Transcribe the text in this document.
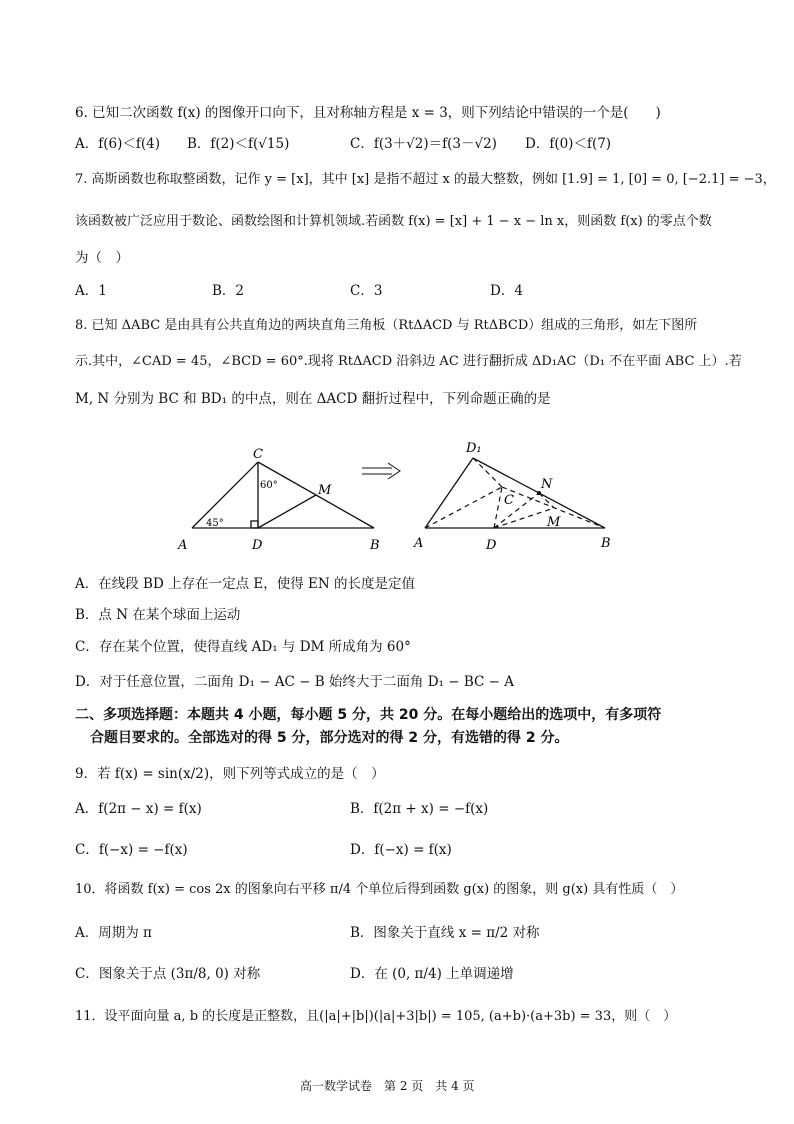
6. 已知二次函数 f(x) 的图像开口向下，且对称轴方程是 x = 3，则下列结论中错误的一个是(　　)
A．f(6)＜f(4) B．f(2)＜f(√15)	C．f(3＋√2)＝f(3－√2) D．f(0)＜f(7)
7. 高斯函数也称取整函数，记作 y = [x]，其中 [x] 是指不超过 x 的最大整数，例如 [1.9] = 1, [0] = 0, [−2.1] = −3，
该函数被广泛应用于数论、函数绘图和计算机领域.若函数 f(x) = [x] + 1 − x − ln x，则函数 f(x) 的零点个数
为（　）
A．1	B．2	C．3	D．4
8. 已知 ΔABC 是由具有公共直角边的两块直角三角板（RtΔACD 与 RtΔBCD）组成的三角形，如左下图所
示.其中，∠CAD = 45，∠BCD = 60°.现将 RtΔACD 沿斜边 AC 进行翻折成 ΔD₁AC（D₁ 不在平面 ABC 上）.若
M, N 分别为 BC 和 BD₁ 的中点，则在 ΔACD 翻折过程中，下列命题正确的是
C
60°
45°
M
A	D	B
D₁
C
N
M
A	D	B
A．在线段 BD 上存在一定点 E，使得 EN 的长度是定值
B．点 N 在某个球面上运动
C．存在某个位置，使得直线 AD₁ 与 DM 所成角为 60°
D．对于任意位置，二面角 D₁ − AC − B 始终大于二面角 D₁ − BC − A
二、多项选择题：本题共 4 小题，每小题 5 分，共 20 分。在每小题给出的选项中，有多项符
合题目要求的。全部选对的得 5 分，部分选对的得 2 分，有选错的得 2 分。
9．若 f(x) = sin(x/2)，则下列等式成立的是（　）
A．f(2π − x) = f(x)	B．f(2π + x) = −f(x)
C．f(−x) = −f(x)	D．f(−x) = f(x)
10．将函数 f(x) = cos 2x 的图象向右平移 π/4 个单位后得到函数 g(x) 的图象，则 g(x) 具有性质（　）
A．周期为 π	B．图象关于直线 x = π/2 对称
C．图象关于点 (3π/8, 0) 对称	D．在 (0, π/4) 上单调递增
11．设平面向量 a, b 的长度是正整数，且(|a|+|b|)(|a|+3|b|) = 105, (a+b)·(a+3b) = 33，则（　）
高一数学试卷　第 2 页　共 4 页
